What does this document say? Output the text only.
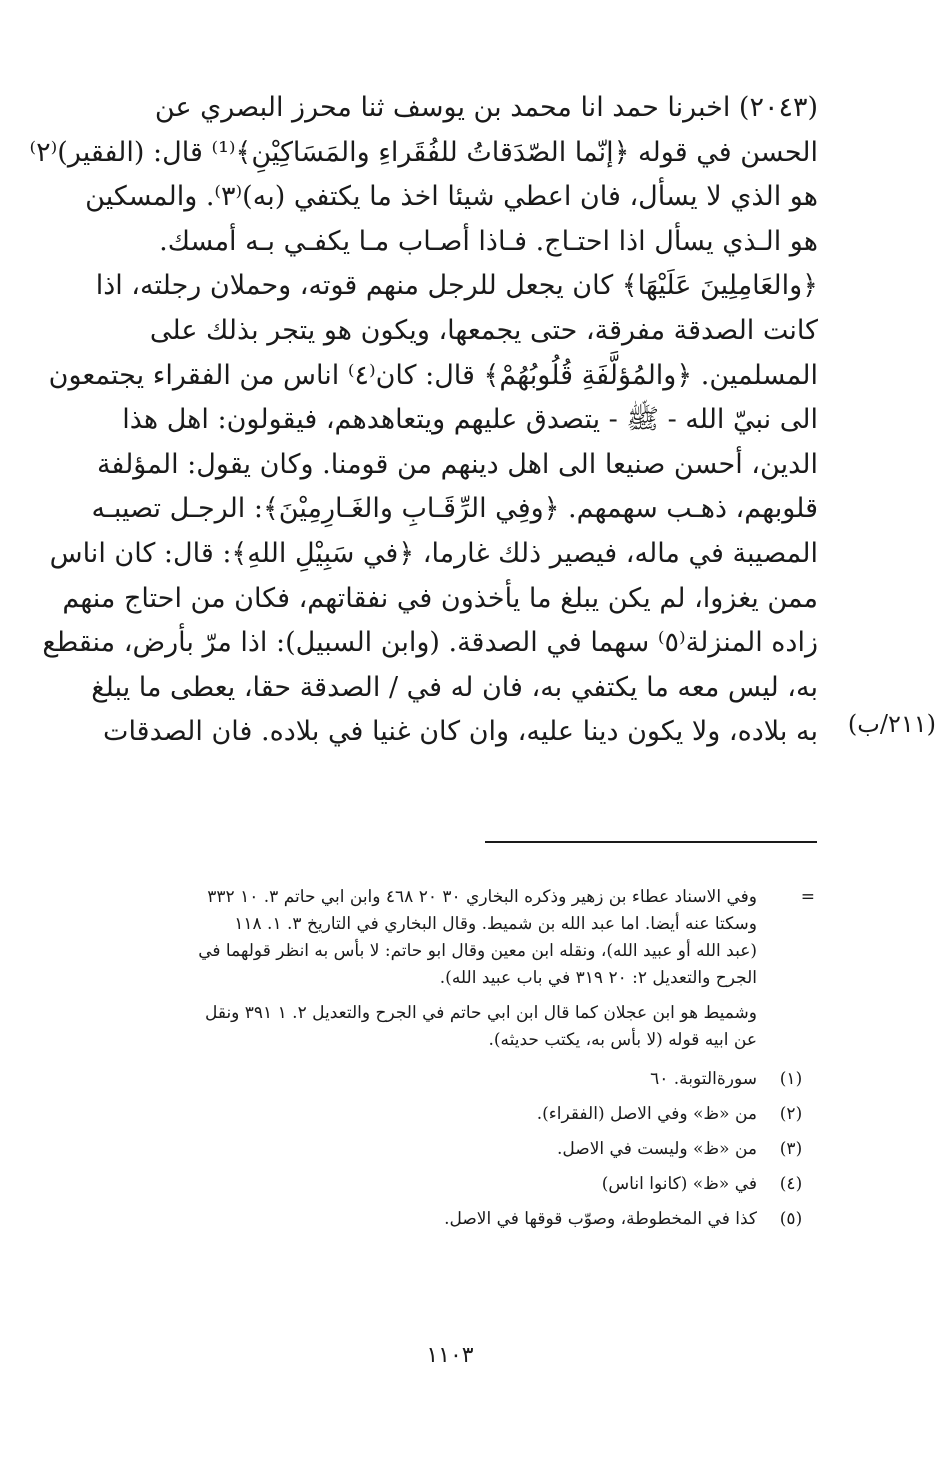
(٢٠٤٣) اخبرنا حمد انا محمد بن يوسف ثنا محرز البصري عن
الحسن في قوله ﴿إنّما الصّدَقاتُ للفُقَراءِ والمَسَاكِيْنِ﴾⁽¹⁾ قال: (الفقير)⁽٢⁾
هو الذي لا يسأل، فان اعطي شيئا اخذ ما يكتفي (به)⁽٣⁾. والمسكين
هو الـذي يسأل اذا احتـاج. فـاذا أصـاب مـا يكفـي بـه أمسك.
﴿والعَامِلِينَ عَلَيْهَا﴾ كان يجعل للرجل منهم قوته، وحملان رجلته، اذا
كانت الصدقة مفرقة، حتى يجمعها، ويكون هو يتجر بذلك على
المسلمين. ﴿والمُؤلَّفَةِ قُلُوبُهُمْ﴾ قال: كان⁽٤⁾ اناس من الفقراء يجتمعون
الى نبيّ الله - ﷺ - يتصدق عليهم ويتعاهدهم، فيقولون: اهل هذا
الدين، أحسن صنيعا الى اهل دينهم من قومنا. وكان يقول: المؤلفة
قلوبهم، ذهـب سهمهم. ﴿وفِي الرِّقَـابِ والغَـارِمِيْنَ﴾: الرجـل تصيبـه
المصيبة في ماله، فيصير ذلك غارما، ﴿في سَبِيْلِ اللهِ﴾: قال: كان اناس
ممن يغزوا، لم يكن يبلغ ما يأخذون في نفقاتهم، فكان من احتاج منهم
زاده المنزلة⁽٥⁾ سهما في الصدقة. (وابن السبيل): اذا مرّ بأرض، منقطع
به، ليس معه ما يكتفي به، فان له في / الصدقة حقا، يعطى ما يبلغ
به بلاده، ولا يكون دينا عليه، وان كان غنيا في بلاده. فان الصدقات	(٢١١/ب)
=
وفي الاسناد عطاء بن زهير وذكره البخاري ٣٠ ٢٠ ٤٦٨ وابن ابي حاتم ٣. ١٠ ٣٣٢
وسكتا عنه أيضا. اما عبد الله بن شميط. وقال البخاري في التاريخ ٣. ١. ١١٨
(عبد الله أو عبيد الله)، ونقله ابن معين وقال ابو حاتم: لا بأس به انظر قولهما في
الجرح والتعديل ٢: ٢٠ ٣١٩ في باب عبيد الله).
وشميط هو ابن عجلان كما قال ابن ابي حاتم في الجرح والتعديل ٢. ١ ٣٩١ ونقل
عن ابيه قوله (لا بأس به، يكتب حديثه).
(١)
سورةالتوبة. ٦٠
(٢)
من «ظ» وفي الاصل (الفقراء).
(٣)
من «ظ» وليست في الاصل.
(٤)
في «ظ» (كانوا اناس)
(٥)
كذا في المخطوطة، وصوّب قوقها في الاصل.
١١٠٣
